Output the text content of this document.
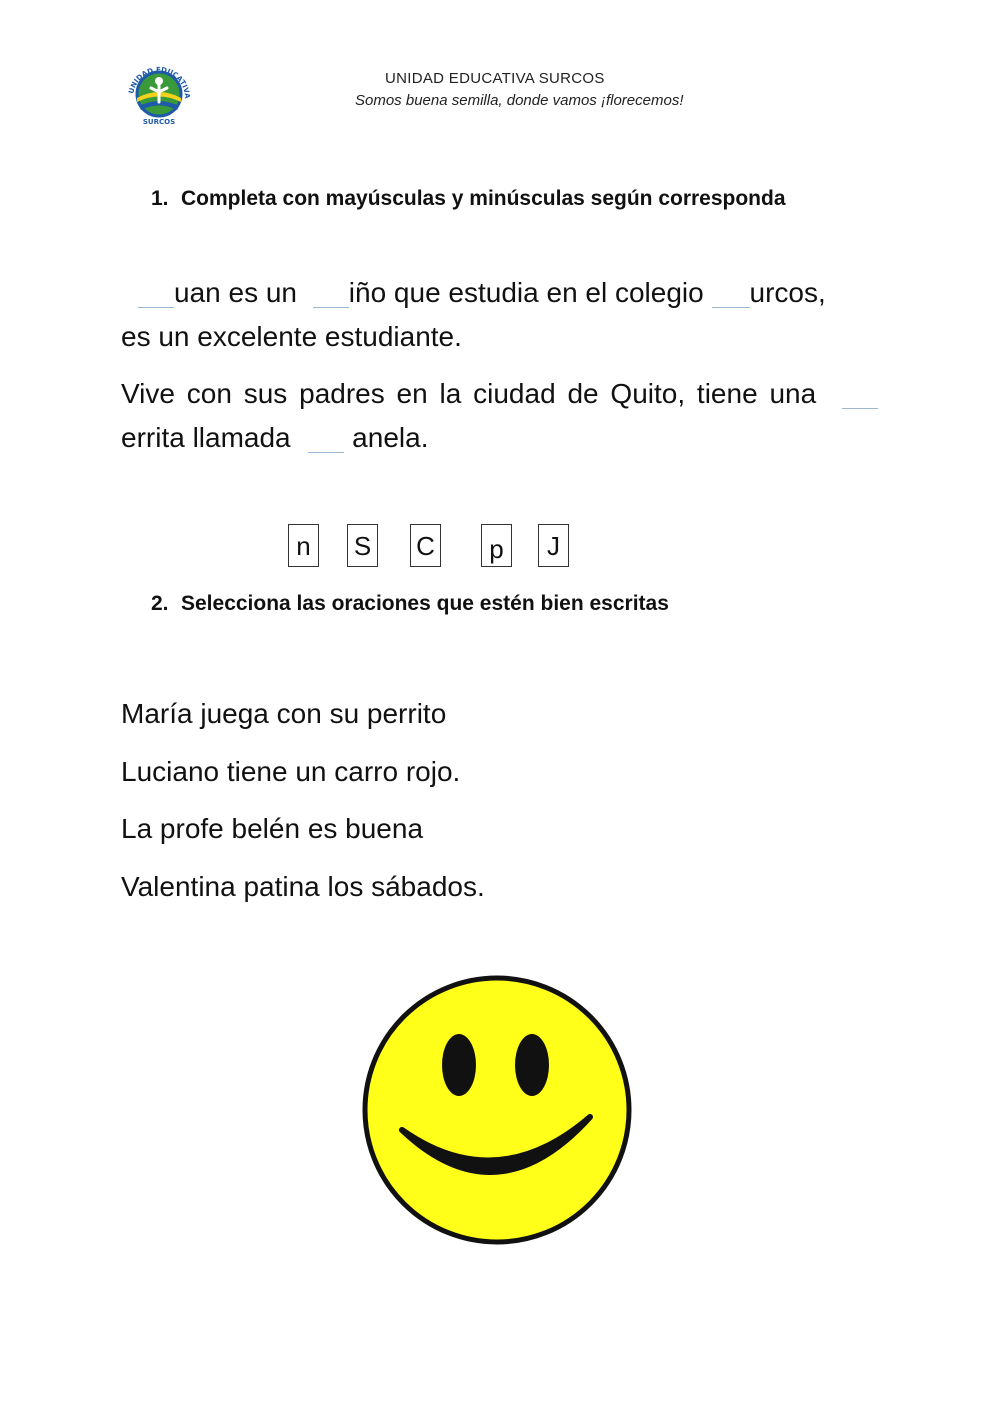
UNIDAD EDUCATIVA
SURCOS
UNIDAD EDUCATIVA SURCOS
Somos buena semilla, donde vamos ¡florecemos!
1. Completa con mayúsculas y minúsculas según corresponda
uan es un iño que estudia en el colegio urcos,
es un excelente estudiante.
Vive con sus padres en la ciudad de Quito, tiene una  errita llamada  anela.
n	S C	p	J
2. Selecciona las oraciones que estén bien escritas
María juega con su perrito
Luciano tiene un carro rojo.
La profe belén es buena
Valentina patina los sábados.
